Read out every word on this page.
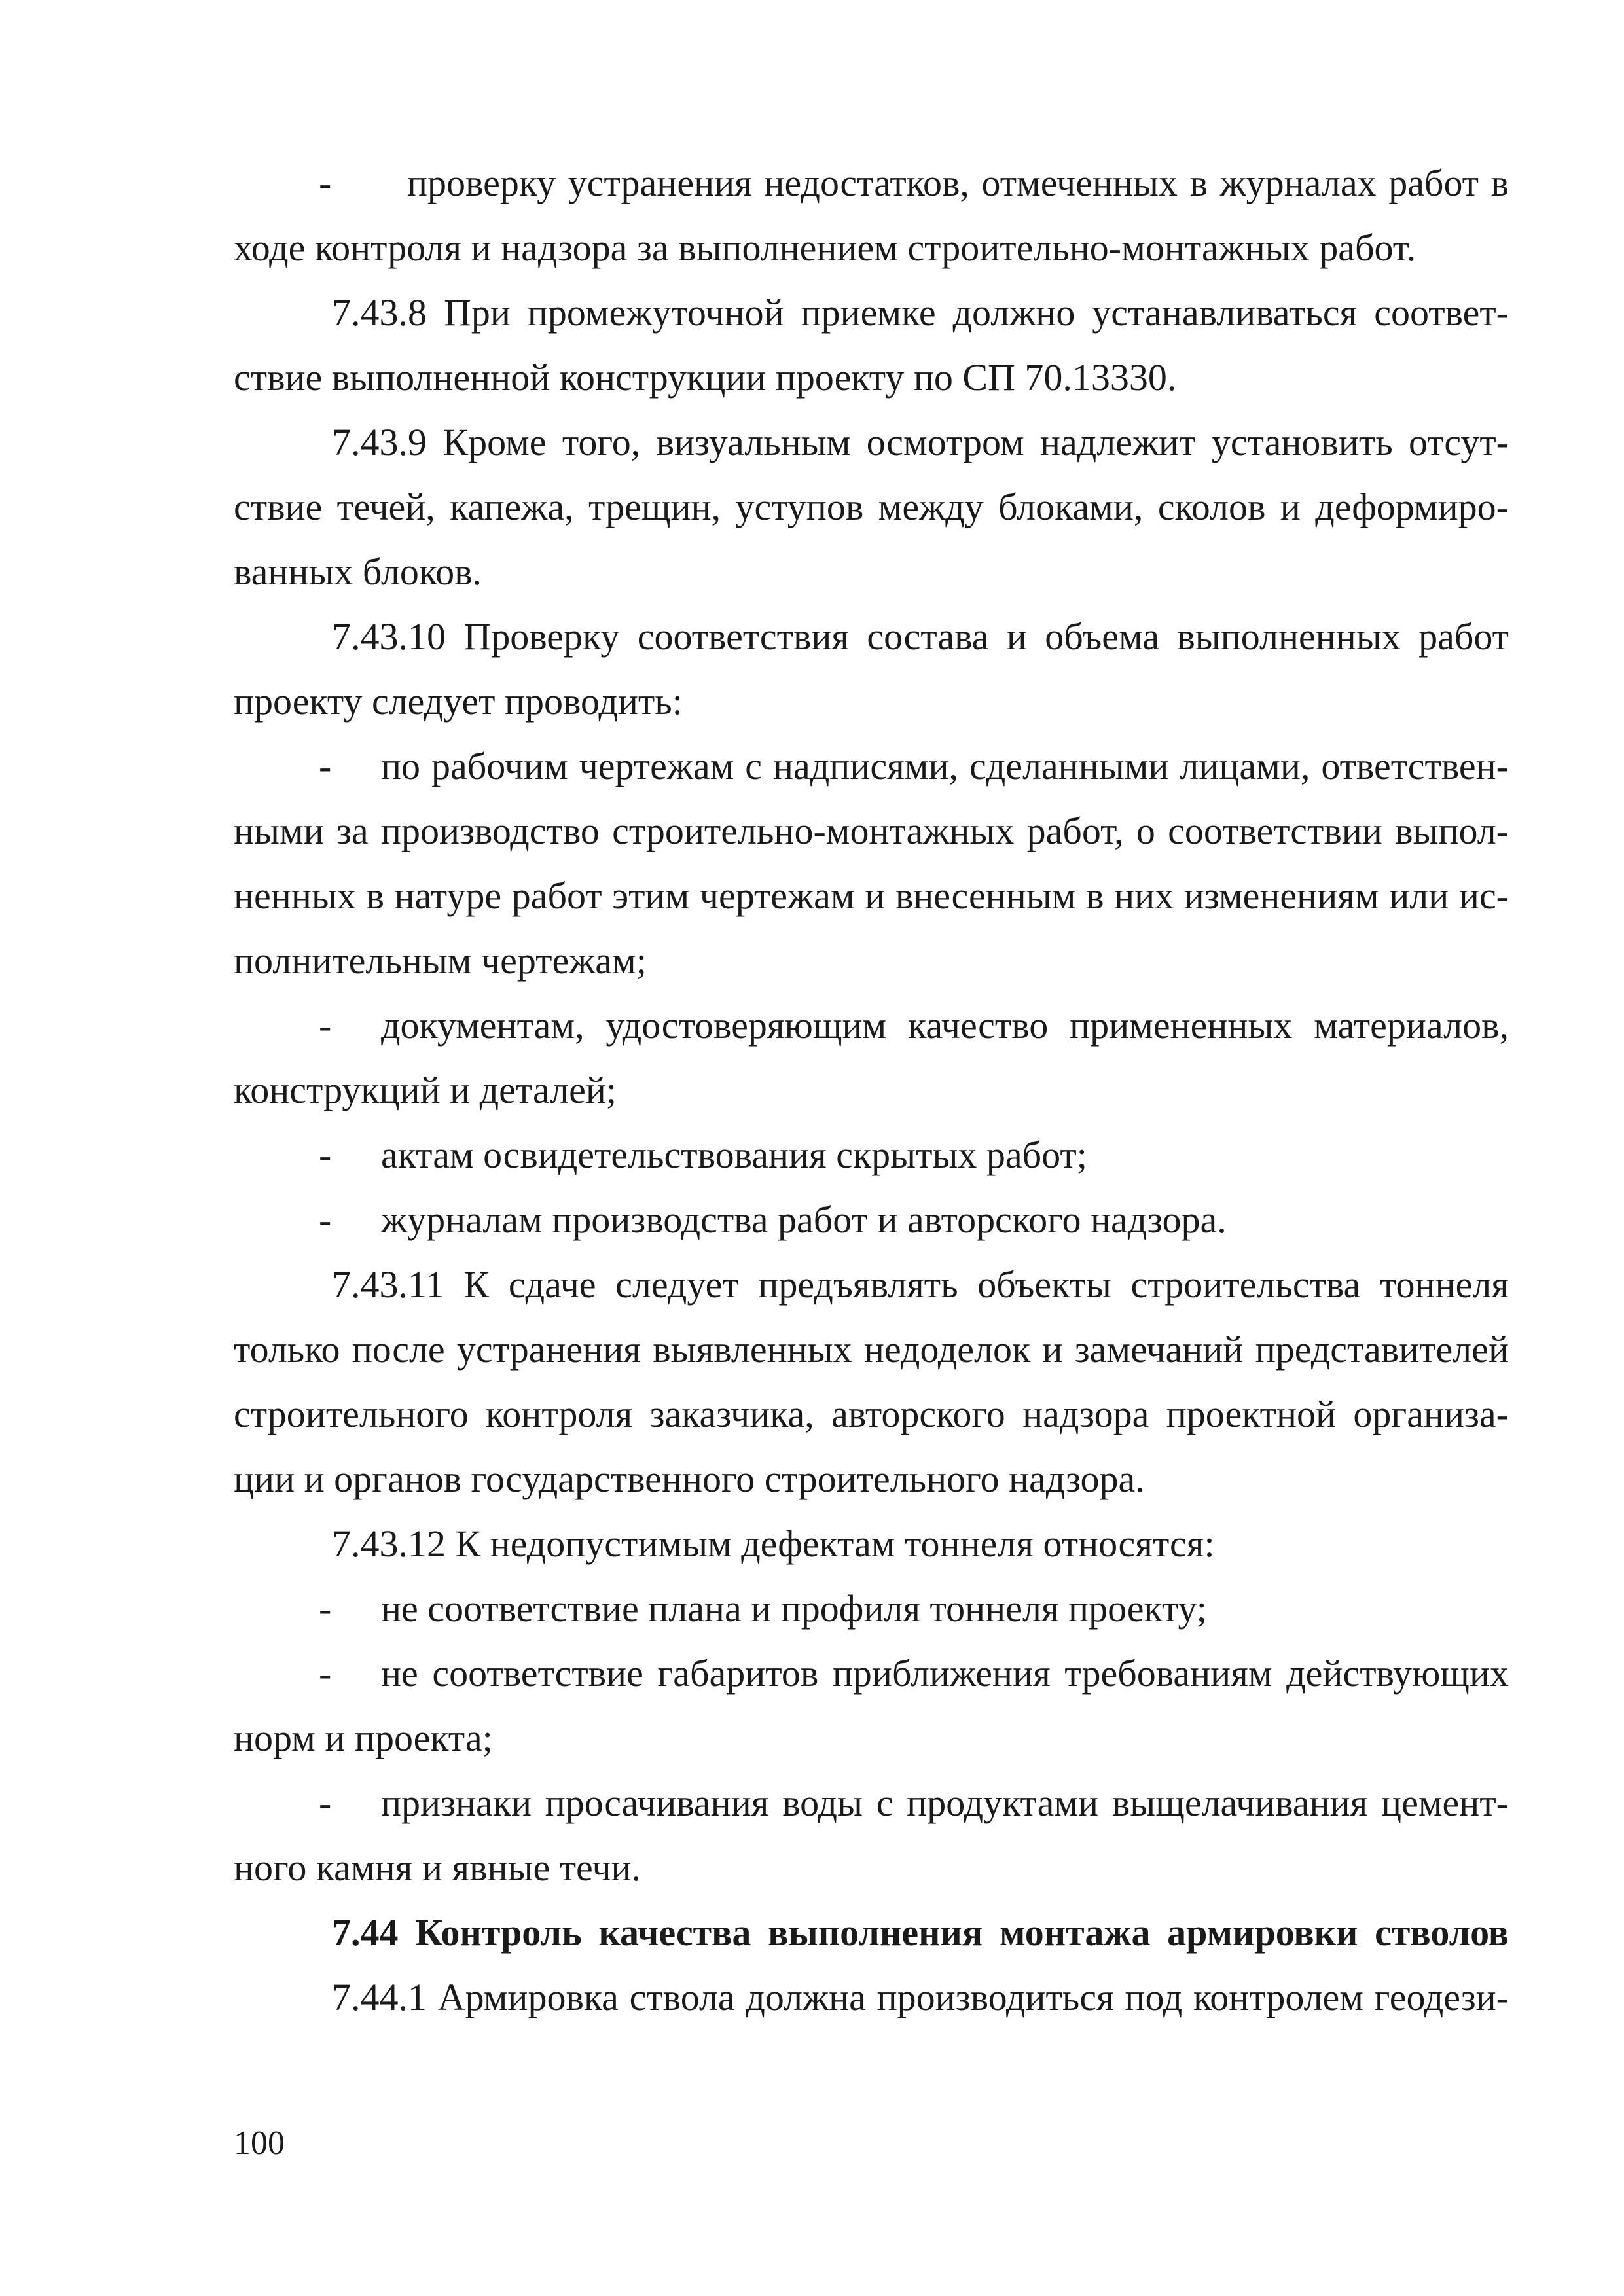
- проверку устранения недостатков, отмеченных в журналах работ в
ходе контроля и надзора за выполнением строительно-монтажных работ.
7.43.8 При промежуточной приемке должно устанавливаться соответ-
ствие выполненной конструкции проекту по СП 70.13330.
7.43.9 Кроме того, визуальным осмотром надлежит установить отсут-
ствие течей, капежа, трещин, уступов между блоками, сколов и деформиро-
ванных блоков.
7.43.10 Проверку соответствия состава и объема выполненных работ
проекту следует проводить:
- по рабочим чертежам с надписями, сделанными лицами, ответствен-
ными за производство строительно-монтажных работ, о соответствии выпол-
ненных в натуре работ этим чертежам и внесенным в них изменениям или ис-
полнительным чертежам;
- документам, удостоверяющим качество примененных материалов,
конструкций и деталей;
- актам освидетельствования скрытых работ;
- журналам производства работ и авторского надзора.
7.43.11 К сдаче следует предъявлять объекты строительства тоннеля
только после устранения выявленных недоделок и замечаний представителей
строительного контроля заказчика, авторского надзора проектной организа-
ции и органов государственного строительного надзора.
7.43.12 К недопустимым дефектам тоннеля относятся:
- не соответствие плана и профиля тоннеля проекту;
- не соответствие габаритов приближения требованиям действующих
норм и проекта;
- признаки просачивания воды с продуктами выщелачивания цемент-
ного камня и явные течи.
7.44 Контроль качества выполнения монтажа армировки стволов
7.44.1 Армировка ствола должна производиться под контролем геодези-
100
